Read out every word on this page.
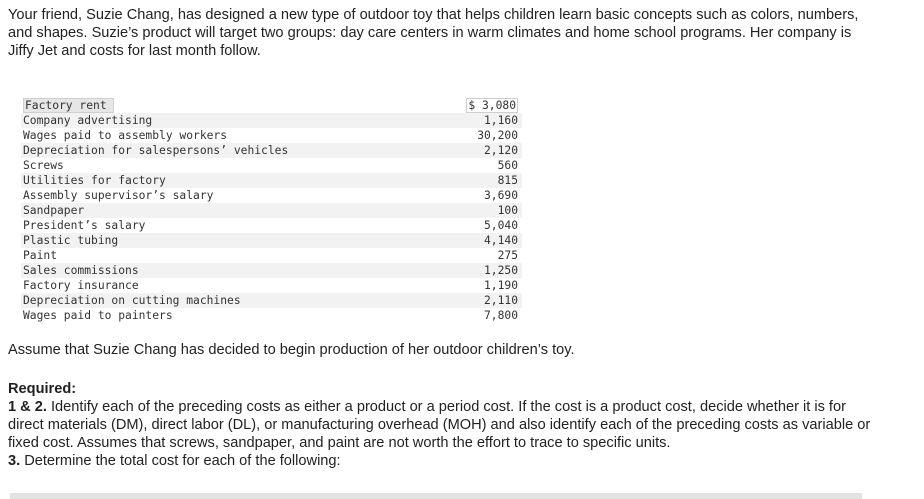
Your friend, Suzie Chang, has designed a new type of outdoor toy that helps children learn basic concepts such as colors, numbers,
and shapes. Suzie’s product will target two groups: day care centers in warm climates and home school programs. Her company is
Jiffy Jet and costs for last month follow.
Factory rent	$ 3,080
Company advertising	1,160
Wages paid to assembly workers	30,200
Depreciation for salespersons’ vehicles	2,120
Screws	560
Utilities for factory	815
Assembly supervisor’s salary	3,690
Sandpaper	100
President’s salary	5,040
Plastic tubing	4,140
Paint	275
Sales commissions	1,250
Factory insurance	1,190
Depreciation on cutting machines	2,110
Wages paid to painters	7,800
Assume that Suzie Chang has decided to begin production of her outdoor children’s toy.
Required:
1 & 2. Identify each of the preceding costs as either a product or a period cost. If the cost is a product cost, decide whether it is for
direct materials (DM), direct labor (DL), or manufacturing overhead (MOH) and also identify each of the preceding costs as variable or
fixed cost. Assumes that screws, sandpaper, and paint are not worth the effort to trace to specific units.
3. Determine the total cost for each of the following:
